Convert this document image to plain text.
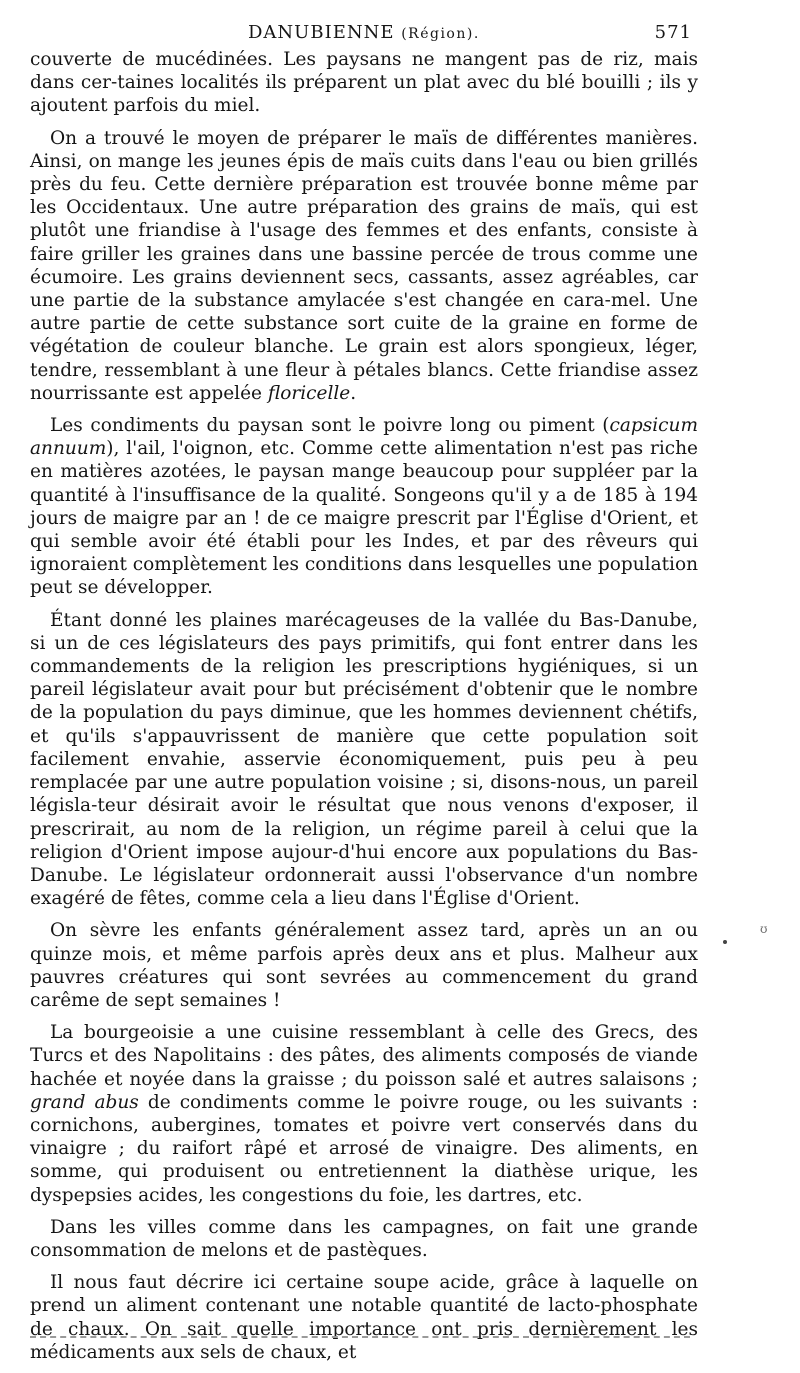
DANUBIENNE (Région).	571

couverte de mucédinées. Les paysans ne mangent pas de riz, mais dans cer-taines localités ils préparent un plat avec du blé bouilli ; ils y ajoutent parfois du miel.

On a trouvé le moyen de préparer le maïs de différentes manières. Ainsi, on mange les jeunes épis de maïs cuits dans l'eau ou bien grillés près du feu. Cette dernière préparation est trouvée bonne même par les Occidentaux. Une autre préparation des grains de maïs, qui est plutôt une friandise à l'usage des femmes et des enfants, consiste à faire griller les graines dans une bassine percée de trous comme une écumoire. Les grains deviennent secs, cassants, assez agréables, car une partie de la substance amylacée s'est changée en cara-mel. Une autre partie de cette substance sort cuite de la graine en forme de végétation de couleur blanche. Le grain est alors spongieux, léger, tendre, ressemblant à une fleur à pétales blancs. Cette friandise assez nourrissante est appelée floricelle.

Les condiments du paysan sont le poivre long ou piment (capsicum annuum), l'ail, l'oignon, etc. Comme cette alimentation n'est pas riche en matières azotées, le paysan mange beaucoup pour suppléer par la quantité à l'insuffisance de la qualité. Songeons qu'il y a de 185 à 194 jours de maigre par an ! de ce maigre prescrit par l'Église d'Orient, et qui semble avoir été établi pour les Indes, et par des rêveurs qui ignoraient complètement les conditions dans lesquelles une population peut se développer.

Étant donné les plaines marécageuses de la vallée du Bas-Danube, si un de ces législateurs des pays primitifs, qui font entrer dans les commandements de la religion les prescriptions hygiéniques, si un pareil législateur avait pour but précisément d'obtenir que le nombre de la population du pays diminue, que les hommes deviennent chétifs, et qu'ils s'appauvrissent de manière que cette population soit facilement envahie, asservie économiquement, puis peu à peu remplacée par une autre population voisine ; si, disons-nous, un pareil législa-teur désirait avoir le résultat que nous venons d'exposer, il prescrirait, au nom de la religion, un régime pareil à celui que la religion d'Orient impose aujour-d'hui encore aux populations du Bas-Danube. Le législateur ordonnerait aussi l'observance d'un nombre exagéré de fêtes, comme cela a lieu dans l'Église d'Orient.

On sèvre les enfants généralement assez tard, après un an ou quinze mois, et même parfois après deux ans et plus. Malheur aux pauvres créatures qui sont sevrées au commencement du grand carême de sept semaines !

La bourgeoisie a une cuisine ressemblant à celle des Grecs, des Turcs et des Napolitains : des pâtes, des aliments composés de viande hachée et noyée dans la graisse ; du poisson salé et autres salaisons ; grand abus de condiments comme le poivre rouge, ou les suivants : cornichons, aubergines, tomates et poivre vert conservés dans du vinaigre ; du raifort râpé et arrosé de vinaigre. Des aliments, en somme, qui produisent ou entretiennent la diathèse urique, les dyspepsies acides, les congestions du foie, les dartres, etc.

Dans les villes comme dans les campagnes, on fait une grande consommation de melons et de pastèques.

Il nous faut décrire ici certaine soupe acide, grâce à laquelle on prend un aliment contenant une notable quantité de lacto-phosphate de chaux. On sait quelle importance ont pris dernièrement les médicaments aux sels de chaux, et

ʊ
